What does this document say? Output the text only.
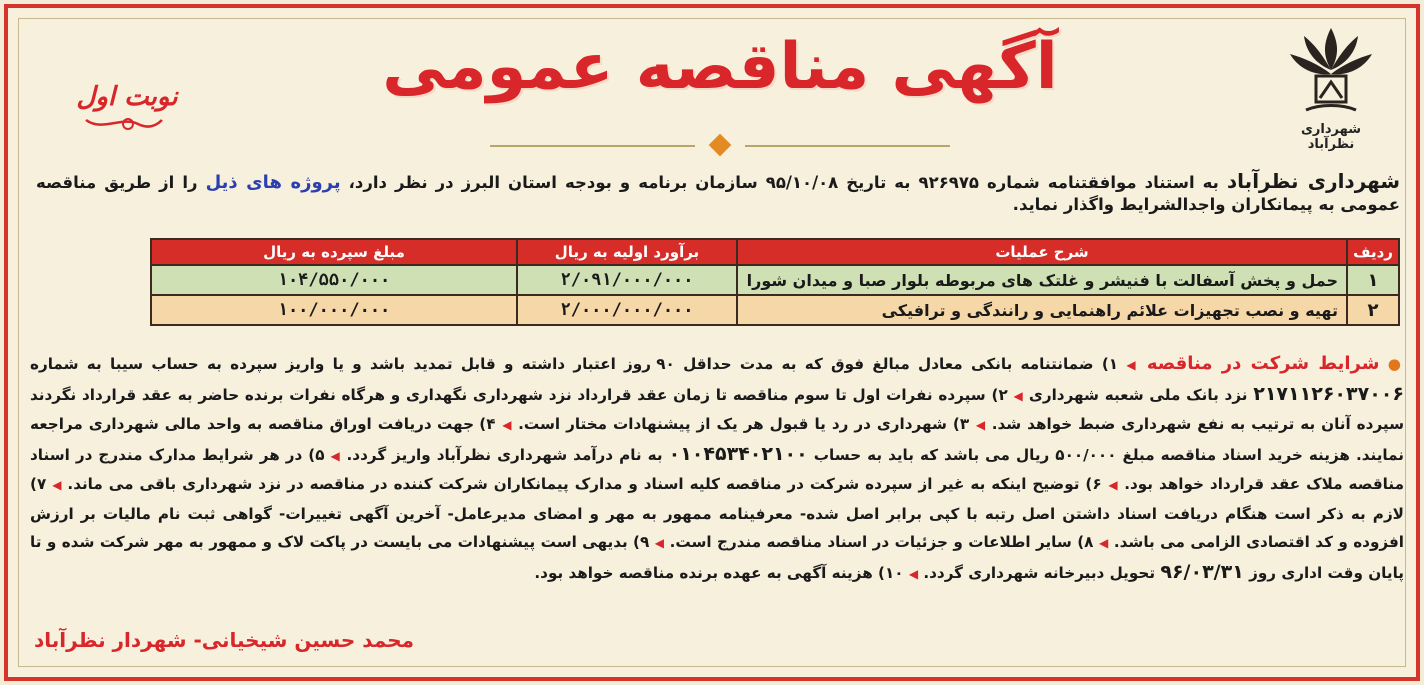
شهرداری نظرآباد
آگهی مناقصه عمومی
نوبت اول
شهرداری نظرآباد به استناد موافقتنامه شماره ۹۲۶۹۷۵ به تاریخ ۹۵/۱۰/۰۸ سازمان برنامه و بودجه استان البرز در نظر دارد، پروژه های ذیل را از طریق مناقصه عمومی به پیمانکاران واجدالشرایط واگذار نماید.
ردیف	شرح عملیات	برآورد اولیه به ریال	مبلغ سپرده به ریال
۱	حمل و پخش آسفالت با فنیشر و غلتک های مربوطه بلوار صبا و میدان شورا	۲/۰۹۱/۰۰۰/۰۰۰	۱۰۴/۵۵۰/۰۰۰
۲	تهیه و نصب تجهیزات علائم راهنمایی و رانندگی و ترافیکی	۲/۰۰۰/۰۰۰/۰۰۰	۱۰۰/۰۰۰/۰۰۰
● شرایط شرکت در مناقصه ◀ ۱) ضمانتنامه بانکی معادل مبالغ فوق که به مدت حداقل ۹۰ روز اعتبار داشته و قابل تمدید باشد و یا واریز سپرده به حساب سیبا به شماره ۲۱۷۱۱۲۶۰۳۷۰۰۶ نزد بانک ملی شعبه شهرداری ◀ ۲) سپرده نفرات اول تا سوم مناقصه تا زمان عقد قرارداد نزد شهرداری نگهداری و هرگاه نفرات برنده حاضر به عقد قرارداد نگردند سپرده آنان به ترتیب به نفع شهرداری ضبط خواهد شد. ◀ ۳) شهرداری در رد یا قبول هر یک از پیشنهادات مختار است. ◀ ۴) جهت دریافت اوراق مناقصه به واحد مالی شهرداری مراجعه نمایند. هزینه خرید اسناد مناقصه مبلغ ۵۰۰/۰۰۰ ریال می باشد که باید به حساب ۰۱۰۴۵۳۴۰۲۱۰۰ به نام درآمد شهرداری نظرآباد واریز گردد. ◀ ۵) در هر شرایط مدارک مندرج در اسناد مناقصه ملاک عقد قرارداد خواهد بود. ◀ ۶) توضیح اینکه به غیر از سپرده شرکت در مناقصه کلیه اسناد و مدارک پیمانکاران شرکت کننده در مناقصه در نزد شهرداری باقی می ماند. ◀ ۷) لازم به ذکر است هنگام دریافت اسناد داشتن اصل رتبه با کپی برابر اصل شده- معرفینامه ممهور به مهر و امضای مدیرعامل- آخرین آگهی تغییرات- گواهی ثبت نام مالیات بر ارزش افزوده و کد اقتصادی الزامی می باشد. ◀ ۸) سایر اطلاعات و جزئیات در اسناد مناقصه مندرج است. ◀ ۹) بدیهی است پیشنهادات می بایست در پاکت لاک و ممهور به مهر شرکت شده و تا پایان وقت اداری روز ۹۶/۰۳/۳۱ تحویل دبیرخانه شهرداری گردد. ◀ ۱۰) هزینه آگهی به عهده برنده مناقصه خواهد بود.
محمد حسین شیخیانی- شهردار نظرآباد
